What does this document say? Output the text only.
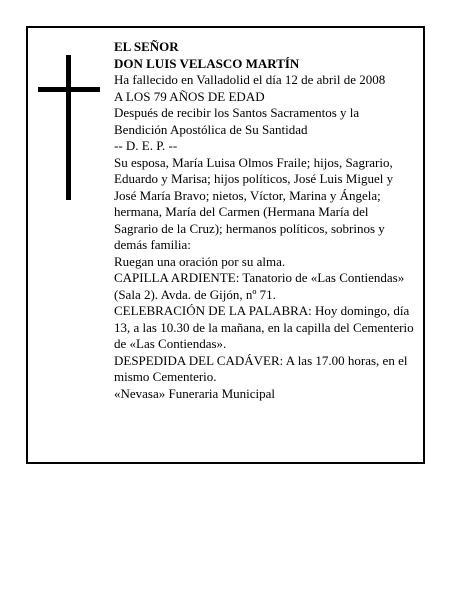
EL SEÑOR

DON LUIS VELASCO MARTÍN

Ha fallecido en Valladolid el día 12 de abril de 2008

A LOS 79 AÑOS DE EDAD

Después de recibir los Santos Sacramentos y la Bendición Apostólica de Su Santidad

-- D. E. P. --

Su esposa, María Luisa Olmos Fraile; hijos, Sagrario, Eduardo y Marisa; hijos políticos, José Luis Miguel y José María Bravo; nietos, Víctor, Marina y Ángela; hermana, María del Carmen (Hermana María del Sagrario de la Cruz); hermanos políticos, sobrinos y demás familia:

Ruegan una oración por su alma.

CAPILLA ARDIENTE: Tanatorio de «Las Contiendas» (Sala 2). Avda. de Gijón, nº 71.

CELEBRACIÓN DE LA PALABRA: Hoy domingo, día 13, a las 10.30 de la mañana, en la capilla del Cementerio de «Las Contiendas».

DESPEDIDA DEL CADÁVER: A las 17.00 horas, en el mismo Cementerio.

«Nevasa» Funeraria Municipal
